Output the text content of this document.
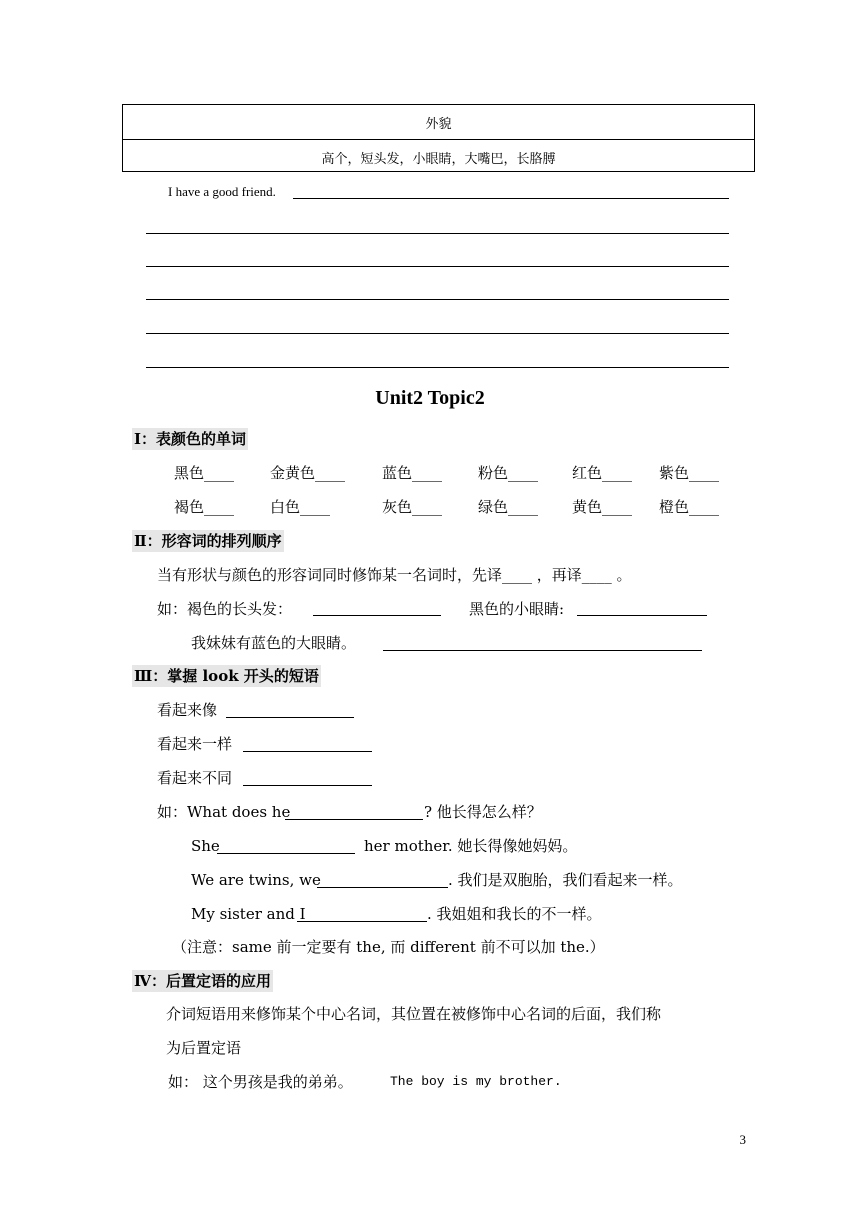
外貌
高个，短头发，小眼睛，大嘴巴，长胳膊
I have a good friend.
Unit2 Topic2
Ⅰ：表颜色的单词
黑色____ 金黄色____ 蓝色____ 粉色____ 红色____ 紫色____
褐色____ 白色____	灰色____ 绿色____ 黄色____ 橙色____
Ⅱ：形容词的排列顺序
当有形状与颜色的形容词同时修饰某一名词时，先译____ ，再译____ 。
如：褐色的长头发：	黑色的小眼睛:
我妹妹有蓝色的大眼睛。
Ⅲ：掌握 look 开头的短语
看起来像
看起来一样
看起来不同
如：What does he	? 他长得怎么样？
She	her mother. 她长得像她妈妈。
We are twins, we	. 我们是双胞胎，我们看起来一样。
My sister and I	. 我姐姐和我长的不一样。
（注意：same 前一定要有 the, 而 different 前不可以加 the.）
Ⅳ：后置定语的应用
介词短语用来修饰某个中心名词，其位置在被修饰中心名词的后面，我们称
为后置定语
如： 这个男孩是我的弟弟。	The boy is my brother.
3
